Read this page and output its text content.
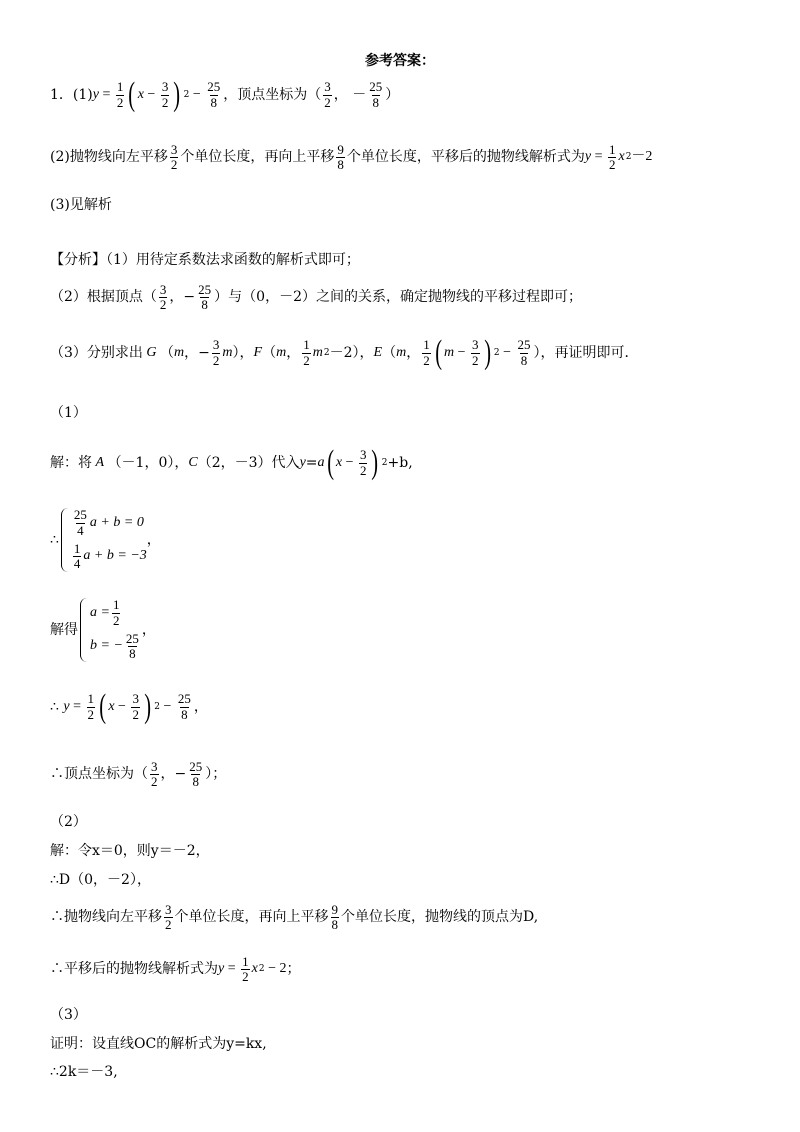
参考答案：
1．(1) $y = \frac{1}{2}$ ( $x - \frac{3}{2}$ ) $2 - \frac{25}{8}$ ，顶点坐标为（ $\frac{3}{2}$ ，
－ $\frac{25}{8}$ ）
(2)抛物线向左平移 $\frac{3}{2}$ 个单位长度，再向上平移 $\frac{9}{8}$ 个单位长度，平移后的抛物线解析式为 $y = \frac{1}{2}$ x 2 －2
(3)见解析
【分析】（1）用待定系数法求函数的解析式即可；
（2）根据顶点（ $\frac{3}{2}$ ，− $\frac{25}{8}$ ）与（0，－2）之间的关系，确定抛物线的平移过程即可；
（3）分别求出 G （ m ，− $\frac{3}{2}$ m ）， F （ m ， $\frac{1}{2}$ m 2 －2）， E （ m ， $\frac{1}{2}$ ( $m - \frac{3}{2}$ ) $2 - \frac{25}{8}$ ），再证明即可．
（1）
解：将 A （－1，0）， C （2，－3）代入 y = a ( $x - \frac{3}{2}$ ) 2 +b,
∴
$\frac{25}{4}$ a + b = 0
$\frac{1}{4}$ a + b = −3
，
解得
$a = \frac{1}{2}$
b = − $\frac{25}{8}$
，
∴
$y = \frac{1}{2}$ ( $x - \frac{3}{2}$ ) $2 - \frac{25}{8}$ ，
∴顶点坐标为（ $\frac{3}{2}$ ，− $\frac{25}{8}$ ）；
（2）
解：令x＝0，则y＝－2，
∴D（0，－2），
∴抛物线向左平移 $\frac{3}{2}$ 个单位长度，再向上平移 $\frac{9}{8}$ 个单位长度，抛物线的顶点为D,
∴平移后的抛物线解析式为 $y = \frac{1}{2}$ x 2 − 2 ；
（3）
证明：设直线OC的解析式为y=kx,
∴2k＝－3,
